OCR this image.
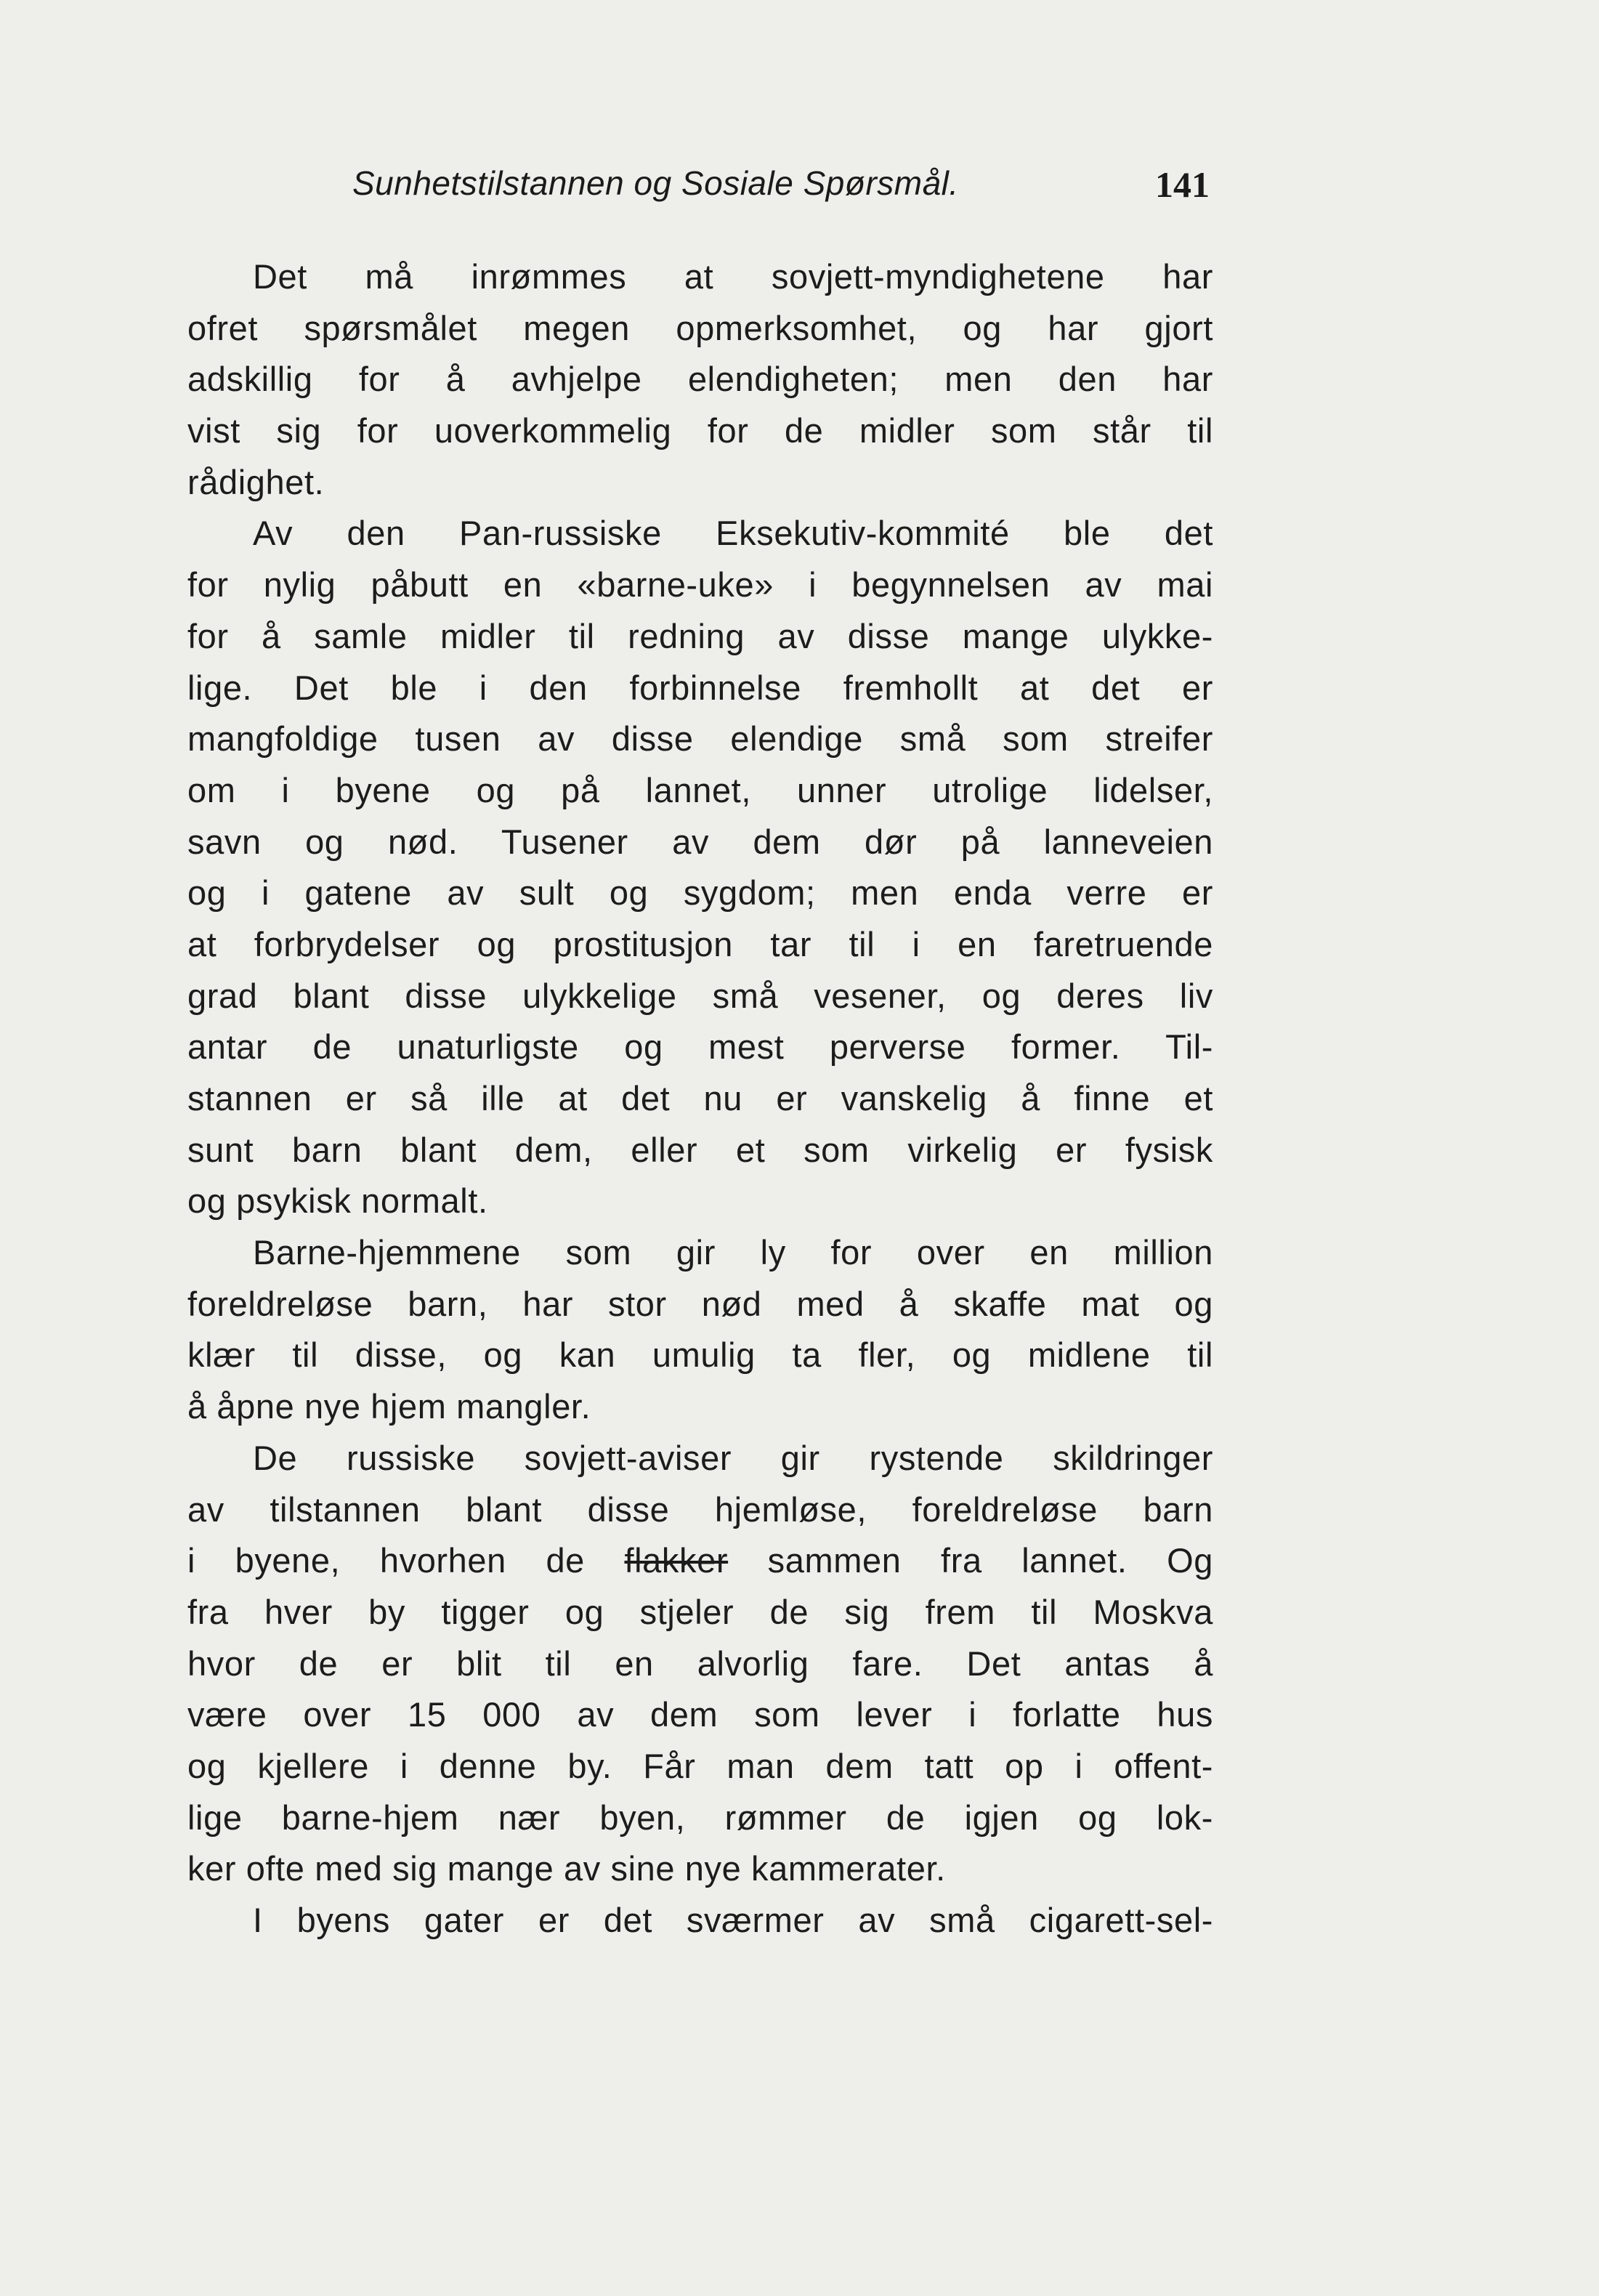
Sunhetstilstannen og Sosiale Spørsmål.	141
Det må inrømmes at sovjett-myndighetene har
ofret spørsmålet megen opmerksomhet, og har gjort
adskillig for å avhjelpe elendigheten; men den har
vist sig for uoverkommelig for de midler som står til
rådighet.
Av den Pan-russiske Eksekutiv-kommité ble det
for nylig påbutt en «barne-uke» i begynnelsen av mai
for å samle midler til redning av disse mange ulykke-
lige. Det ble i den forbinnelse fremhollt at det er
mangfoldige tusen av disse elendige små som streifer
om i byene og på lannet, unner utrolige lidelser,
savn og nød. Tusener av dem dør på lanneveien
og i gatene av sult og sygdom; men enda verre er
at forbrydelser og prostitusjon tar til i en faretruende
grad blant disse ulykkelige små vesener, og deres liv
antar de unaturligste og mest perverse former. Til-
stannen er så ille at det nu er vanskelig å finne et
sunt barn blant dem, eller et som virkelig er fysisk
og psykisk normalt.
Barne-hjemmene som gir ly for over en million
foreldreløse barn, har stor nød med å skaffe mat og
klær til disse, og kan umulig ta fler, og midlene til
å åpne nye hjem mangler.
De russiske sovjett-aviser gir rystende skildringer
av tilstannen blant disse hjemløse, foreldreløse barn
i byene, hvorhen de flakker sammen fra lannet. Og
fra hver by tigger og stjeler de sig frem til Moskva
hvor de er blit til en alvorlig fare. Det antas å
være over 15 000 av dem som lever i forlatte hus
og kjellere i denne by. Får man dem tatt op i offent-
lige barne-hjem nær byen, rømmer de igjen og lok-
ker ofte med sig mange av sine nye kammerater.
I byens gater er det sværmer av små cigarett-sel-
